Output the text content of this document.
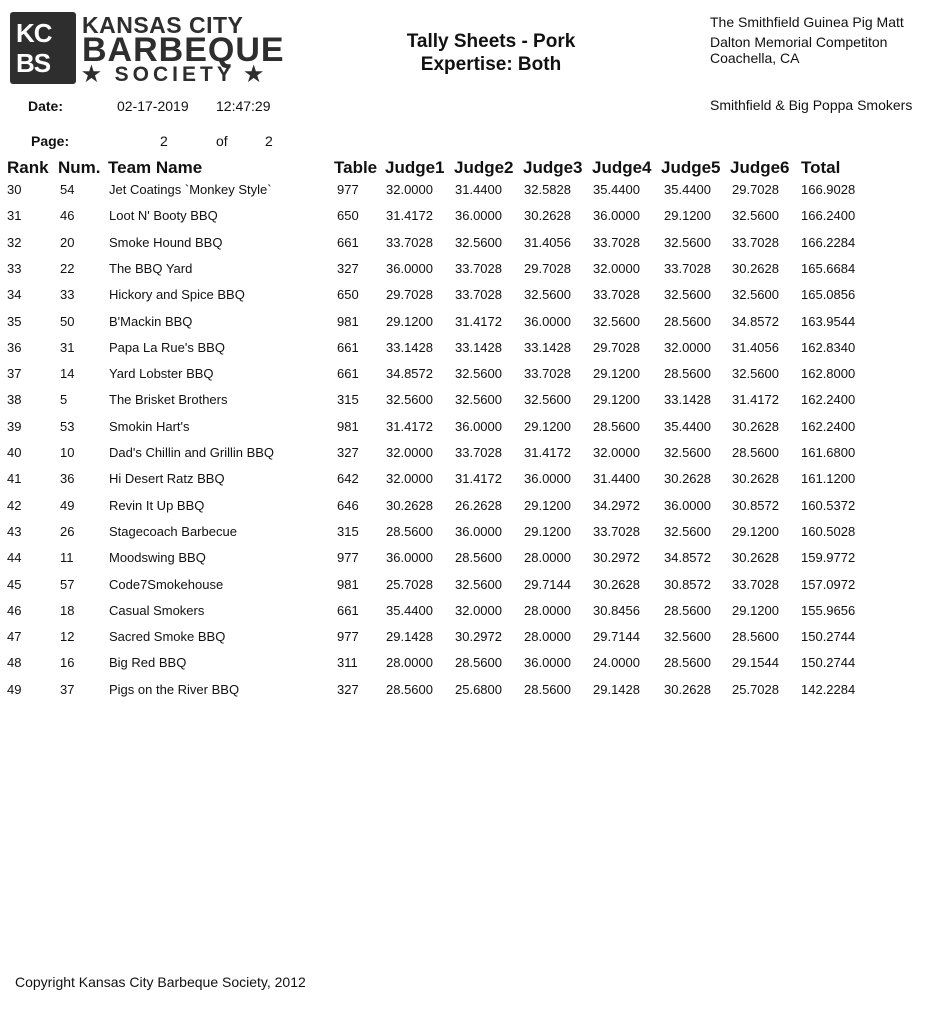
KC
BS
KANSAS CITY
BARBEQUE
★ SOCIETY ★
Tally Sheets - Pork
Expertise: Both
The Smithfield Guinea Pig Matt
Dalton Memorial Competiton
Coachella, CA
Smithfield & Big Poppa Smokers
Date:	02-17-2019 12:47:29
Page:	2	of	2
Rank Num. Team Name	Table Judge1 Judge2 Judge3 Judge4 Judge5 Judge6 Total
30	54	Jet Coatings `Monkey Style`	977 32.0000 31.4400 32.5828 35.4400 35.4400 29.7028 166.9028
31	46	Loot N' Booty BBQ	650 31.4172 36.0000 30.2628 36.0000 29.1200 32.5600 166.2400
32	20	Smoke Hound BBQ	661 33.7028 32.5600 31.4056 33.7028 32.5600 33.7028 166.2284
33	22	The BBQ Yard	327 36.0000 33.7028 29.7028 32.0000 33.7028 30.2628 165.6684
34	33	Hickory and Spice BBQ	650 29.7028 33.7028 32.5600 33.7028 32.5600 32.5600 165.0856
35	50	B'Mackin BBQ	981 29.1200 31.4172 36.0000 32.5600 28.5600 34.8572 163.9544
36	31	Papa La Rue's BBQ	661 33.1428 33.1428 33.1428 29.7028 32.0000 31.4056 162.8340
37	14	Yard Lobster BBQ	661 34.8572 32.5600 33.7028 29.1200 28.5600 32.5600 162.8000
38	5	The Brisket Brothers	315 32.5600 32.5600 32.5600 29.1200 33.1428 31.4172 162.2400
39	53	Smokin Hart's	981 31.4172 36.0000 29.1200 28.5600 35.4400 30.2628 162.2400
40	10	Dad's Chillin and Grillin BBQ	327 32.0000 33.7028 31.4172 32.0000 32.5600 28.5600 161.6800
41	36	Hi Desert Ratz BBQ	642 32.0000 31.4172 36.0000 31.4400 30.2628 30.2628 161.1200
42	49	Revin It Up BBQ	646 30.2628 26.2628 29.1200 34.2972 36.0000 30.8572 160.5372
43	26	Stagecoach Barbecue	315 28.5600 36.0000 29.1200 33.7028 32.5600 29.1200 160.5028
44	11	Moodswing BBQ	977 36.0000 28.5600 28.0000 30.2972 34.8572 30.2628 159.9772
45	57	Code7Smokehouse	981 25.7028 32.5600 29.7144 30.2628 30.8572 33.7028 157.0972
46	18	Casual Smokers	661 35.4400 32.0000 28.0000 30.8456 28.5600 29.1200 155.9656
47	12	Sacred Smoke BBQ	977 29.1428 30.2972 28.0000 29.7144 32.5600 28.5600 150.2744
48	16	Big Red BBQ	311 28.0000 28.5600 36.0000 24.0000 28.5600 29.1544 150.2744
49	37	Pigs on the River BBQ	327 28.5600 25.6800 28.5600 29.1428 30.2628 25.7028 142.2284
Copyright Kansas City Barbeque Society, 2012
